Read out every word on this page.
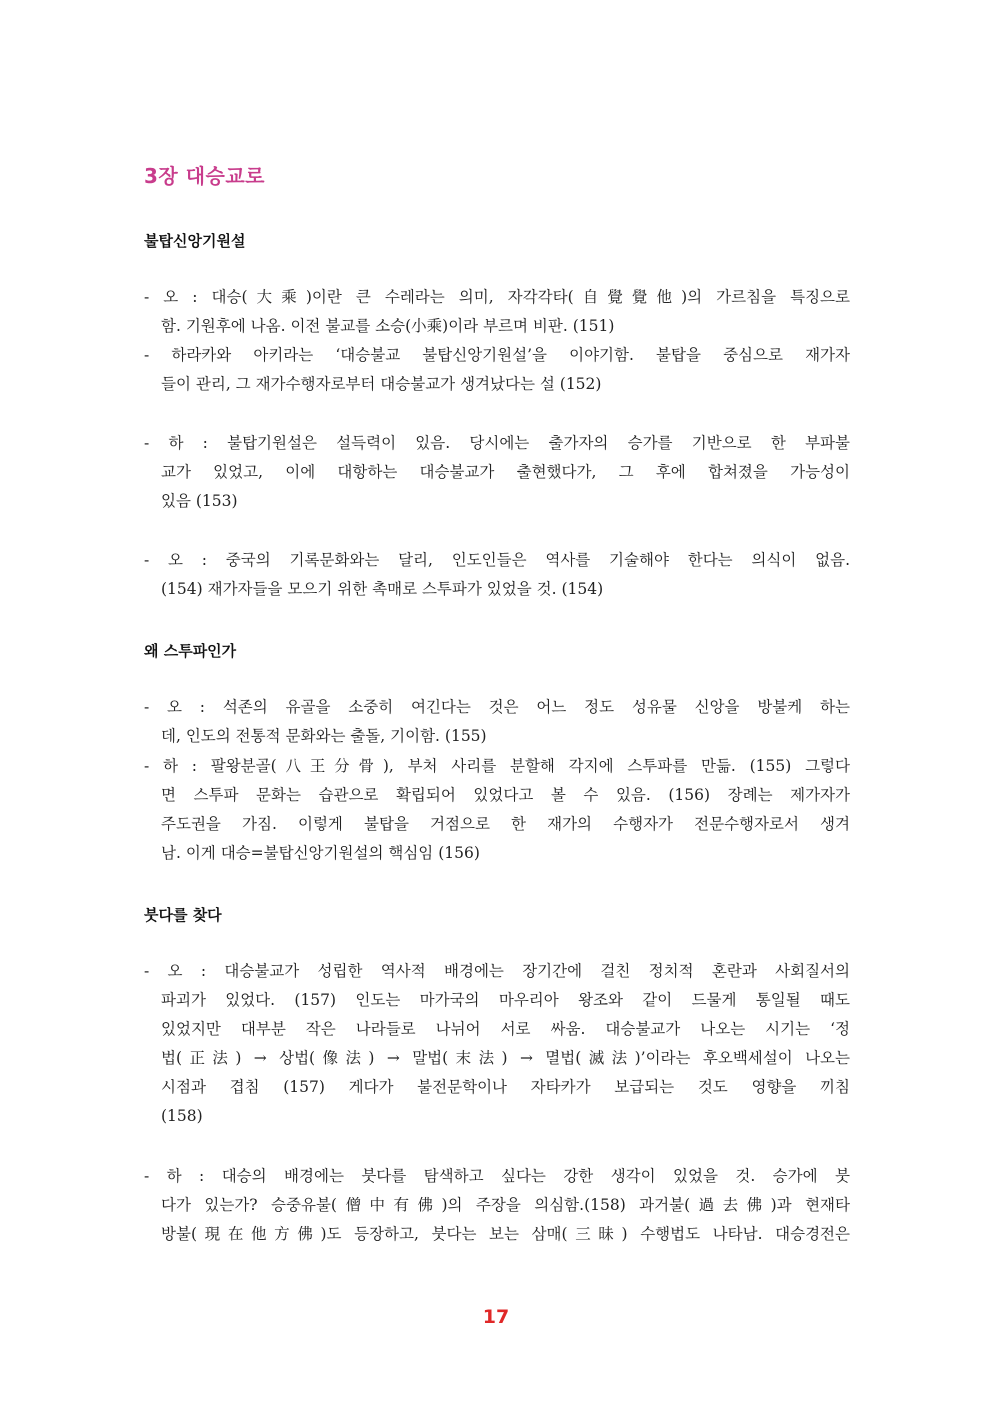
3장 대승교로
불탑신앙기원설
- 오 : 대승(大乘)이란 큰 수레라는 의미, 자각각타(自覺覺他)의 가르침을 특징으로
함. 기원후에 나옴. 이전 불교를 소승(小乘)이라 부르며 비판. (151)
- 하라카와 아키라는 ‘대승불교 불탑신앙기원설’을 이야기함. 불탑을 중심으로 재가자
들이 관리, 그 재가수행자로부터 대승불교가 생겨났다는 설 (152)
- 하 : 불탑기원설은 설득력이 있음. 당시에는 출가자의 승가를 기반으로 한 부파불
교가 있었고, 이에 대항하는 대승불교가 출현했다가, 그 후에 합쳐졌을 가능성이
있음 (153)
- 오 : 중국의 기록문화와는 달리, 인도인들은 역사를 기술해야 한다는 의식이 없음.
(154) 재가자들을 모으기 위한 촉매로 스투파가 있었을 것. (154)
왜 스투파인가
- 오 : 석존의 유골을 소중히 여긴다는 것은 어느 정도 성유물 신앙을 방불케 하는
데, 인도의 전통적 문화와는 출돌, 기이함. (155)
- 하 : 팔왕분골(八王分骨), 부처 사리를 분할해 각지에 스투파를 만듦. (155) 그렇다
면 스투파 문화는 습관으로 확립되어 있었다고 볼 수 있음. (156) 장례는 제가자가
주도권을 가짐. 이렇게 불탑을 거점으로 한 재가의 수행자가 전문수행자로서 생겨
남. 이게 대승=불탑신앙기원설의 핵심임 (156)
붓다를 찾다
- 오 : 대승불교가 성립한 역사적 배경에는 장기간에 걸친 정치적 혼란과 사회질서의
파괴가 있었다. (157) 인도는 마가국의 마우리아 왕조와 같이 드물게 통일될 때도
있었지만 대부분 작은 나라들로 나뉘어 서로 싸움. 대승불교가 나오는 시기는 ‘정
법(正法) → 상법(像法) → 말법(末法) → 멸법(滅法)’이라는 후오백세설이 나오는
시점과 겹침 (157) 게다가 불전문학이나 자타카가 보급되는 것도 영향을 끼침
(158)
- 하 : 대승의 배경에는 붓다를 탐색하고 싶다는 강한 생각이 있었을 것. 승가에 붓
다가 있는가? 승중유불(僧中有佛)의 주장을 의심함.(158) 과거불(過去佛)과 현재타
방불(現在他方佛)도 등장하고, 붓다는 보는 삼매(三昧) 수행법도 나타남. 대승경전은
17
